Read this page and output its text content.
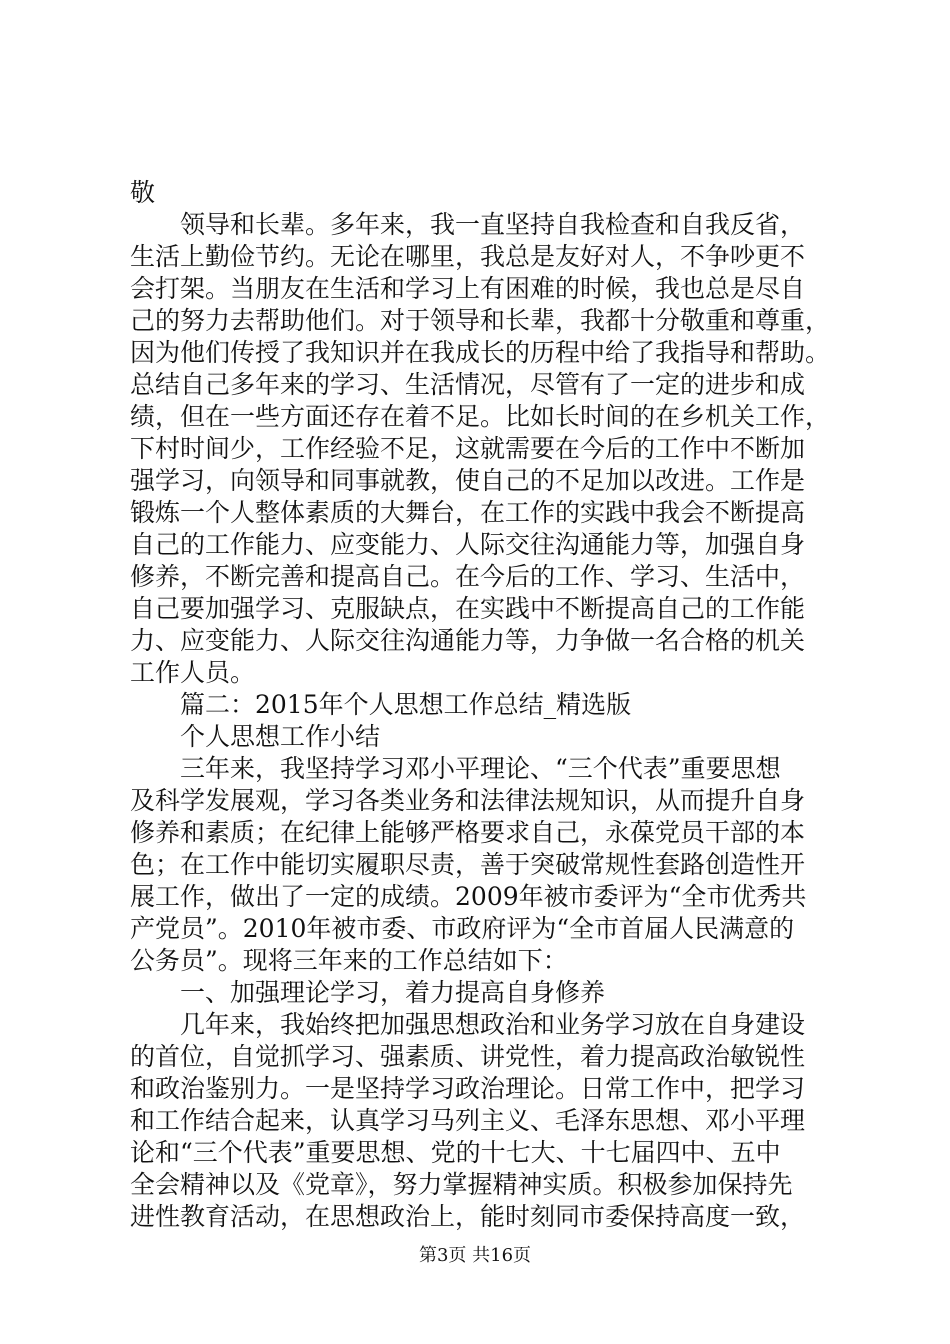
敬
领导和长辈。多年来，我一直坚持自我检查和自我反省，
生活上勤俭节约。无论在哪里，我总是友好对人，不争吵更不
会打架。当朋友在生活和学习上有困难的时候，我也总是尽自
己的努力去帮助他们。对于领导和长辈，我都十分敬重和尊重，
因为他们传授了我知识并在我成长的历程中给了我指导和帮助。
总结自己多年来的学习、生活情况，尽管有了一定的进步和成
绩，但在一些方面还存在着不足。比如长时间的在乡机关工作，
下村时间少，工作经验不足，这就需要在今后的工作中不断加
强学习，向领导和同事就教，使自己的不足加以改进。工作是
锻炼一个人整体素质的大舞台，在工作的实践中我会不断提高
自己的工作能力、应变能力、人际交往沟通能力等，加强自身
修养，不断完善和提高自己。在今后的工作、学习、生活中，
自己要加强学习、克服缺点，在实践中不断提高自己的工作能
力、应变能力、人际交往沟通能力等，力争做一名合格的机关
工作人员。
篇二：2015年个人思想工作总结_精选版
个人思想工作小结
三年来，我坚持学习邓小平理论、“三个代表”重要思想
及科学发展观，学习各类业务和法律法规知识，从而提升自身
修养和素质；在纪律上能够严格要求自己，永葆党员干部的本
色；在工作中能切实履职尽责，善于突破常规性套路创造性开
展工作，做出了一定的成绩。2009年被市委评为“全市优秀共
产党员”。2010年被市委、市政府评为“全市首届人民满意的
公务员”。现将三年来的工作总结如下：
一、加强理论学习，着力提高自身修养
几年来，我始终把加强思想政治和业务学习放在自身建设
的首位，自觉抓学习、强素质、讲党性，着力提高政治敏锐性
和政治鉴别力。一是坚持学习政治理论。日常工作中，把学习
和工作结合起来，认真学习马列主义、毛泽东思想、邓小平理
论和“三个代表”重要思想、党的十七大、十七届四中、五中
全会精神以及《党章》，努力掌握精神实质。积极参加保持先
进性教育活动，在思想政治上，能时刻同市委保持高度一致，
第3页 共16页
